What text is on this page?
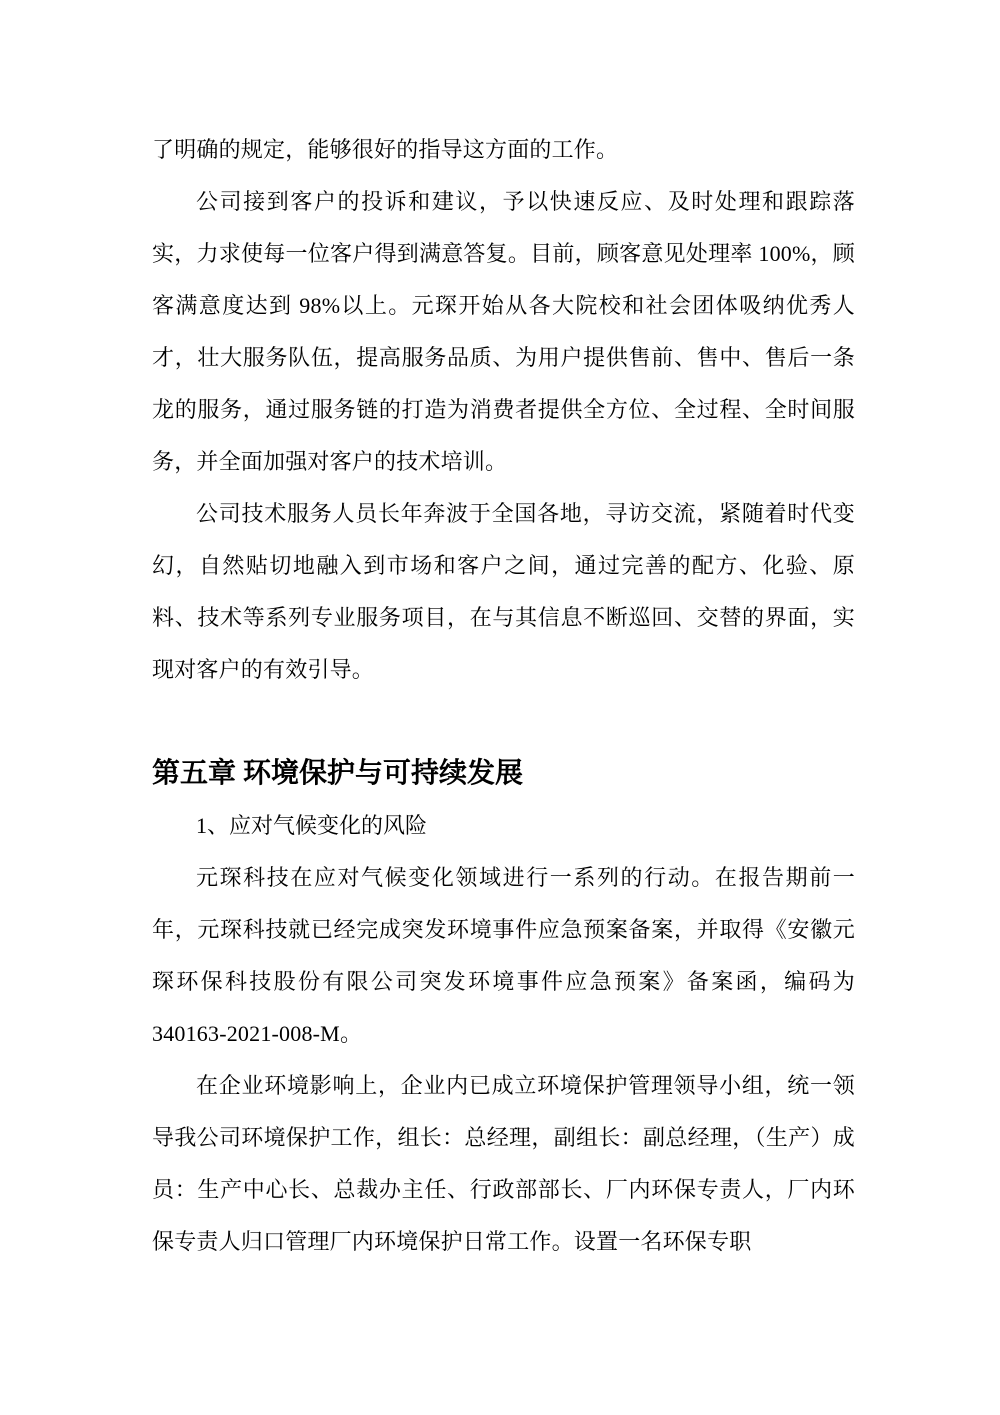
了明确的规定，能够很好的指导这方面的工作。

公司接到客户的投诉和建议，予以快速反应、及时处理和跟踪落实，力求使每一位客户得到满意答复。目前，顾客意见处理率 100%，顾客满意度达到 98%以上。元琛开始从各大院校和社会团体吸纳优秀人才，壮大服务队伍，提高服务品质、为用户提供售前、售中、售后一条龙的服务，通过服务链的打造为消费者提供全方位、全过程、全时间服务，并全面加强对客户的技术培训。

公司技术服务人员长年奔波于全国各地，寻访交流，紧随着时代变幻，自然贴切地融入到市场和客户之间，通过完善的配方、化验、原料、技术等系列专业服务项目，在与其信息不断巡回、交替的界面，实现对客户的有效引导。

第五章 环境保护与可持续发展

1、应对气候变化的风险

元琛科技在应对气候变化领域进行一系列的行动。在报告期前一年，元琛科技就已经完成突发环境事件应急预案备案，并取得《安徽元琛环保科技股份有限公司突发环境事件应急预案》备案函，编码为340163-2021-008-M。

在企业环境影响上，企业内已成立环境保护管理领导小组，统一领导我公司环境保护工作，组长：总经理，副组长：副总经理，（生产）成员：生产中心长、总裁办主任、行政部部长、厂内环保专责人，厂内环保专责人归口管理厂内环境保护日常工作。设置一名环保专职
